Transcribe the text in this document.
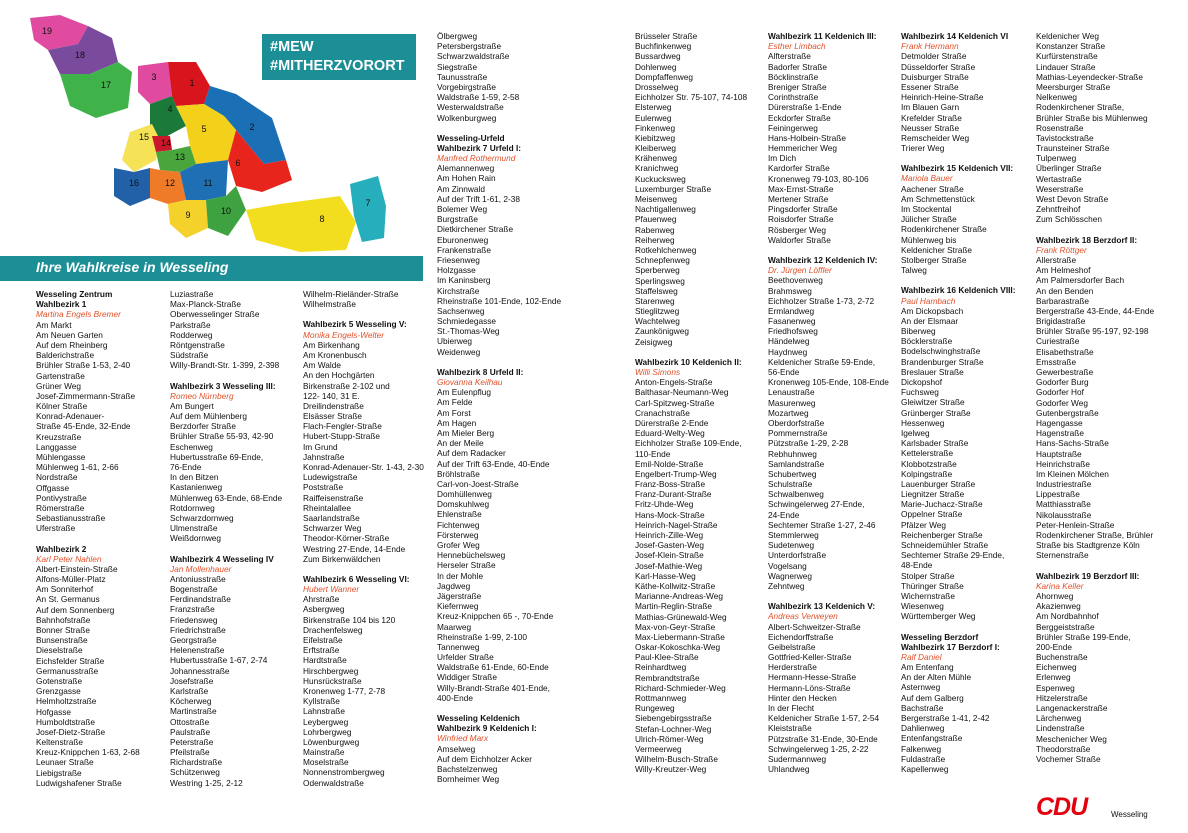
19
18
17
3
1
4
2
5
14
15
6
13
16	12	11
9	10
8
7
#MEW
#MITHERZVORORT
Ihre Wahlkreise in Wesseling
Wesseling Zentrum
Wahlbezirk 1
Martina Engels Bremer
Am Markt
Am Neuen Garten
Auf dem Rheinberg
Balderichstraße
Brühler Straße 1-53, 2-40
Gartenstraße
Grüner Weg
Josef-Zimmermann-Straße
Kölner Straße
Konrad-Adenauer-
Straße 45-Ende, 32-Ende
Kreuzstraße
Langgasse
Mühlengasse
Mühlenweg 1-61, 2-66
Nordstraße
Offgasse
Pontivystraße
Römerstraße
Sebastianusstraße
Uferstraße
Wahlbezirk 2
Karl Peter Nahlen
Albert-Einstein-Straße
Alfons-Müller-Platz
Am Sonniterhof
An St. Germanus
Auf dem Sonnenberg
Bahnhofstraße
Bonner Straße
Bunsenstraße
Dieselstraße
Eichsfelder Straße
Germanusstraße
Gotenstraße
Grenzgasse
Helmholtzstraße
Hofgasse
Humboldtstraße
Josef-Dietz-Straße
Keltenstraße
Kreuz-Knippchen 1-63, 2-68
Leunaer Straße
Liebigstraße
Ludwigshafener Straße
Luziastraße
Max-Planck-Straße
Oberwesselinger Straße
Parkstraße
Rodderweg
Röntgenstraße
Südstraße
Willy-Brandt-Str. 1-399, 2-398
Wahlbezirk 3 Wesseling III:
Romeo Nürnberg
Am Bungert
Auf dem Mühlenberg
Berzdorfer Straße
Brühler Straße 55-93, 42-90
Eschenweg
Hubertusstraße 69-Ende,
76-Ende
In den Bitzen
Kastanienweg
Mühlenweg 63-Ende, 68-Ende
Rotdornweg
Schwarzdornweg
Ulmenstraße
Weißdornweg
Wahlbezirk 4 Wesseling IV
Jan Mollenhauer
Antoniusstraße
Bogenstraße
Ferdinandstraße
Franzstraße
Friedensweg
Friedrichstraße
Georgstraße
Helenenstraße
Hubertusstraße 1-67, 2-74
Johannesstraße
Josefstraße
Karlstraße
Köcherweg
Martinstraße
Ottostraße
Paulstraße
Peterstraße
Pfeilstraße
Richardstraße
Schützenweg
Westring 1-25, 2-12
Wilhelm-Rieländer-Straße
Wilhelmstraße
Wahlbezirk 5 Wesseling V:
Monika Engels-Welter
Am Birkenhang
Am Kronenbusch
Am Walde
An den Hochgärten
Birkenstraße 2-102 und
122- 140, 31 E.
Dreilindenstraße
Elsässer Straße
Flach-Fengler-Straße
Hubert-Stupp-Straße
Im Grund
Jahnstraße
Konrad-Adenauer-Str. 1-43, 2-30
Ludewigstraße
Poststraße
Raiffeisenstraße
Rheintalallee
Saarlandstraße
Schwarzer Weg
Theodor-Körner-Straße
Westring 27-Ende, 14-Ende
Zum Birkenwäldchen
Wahlbezirk 6 Wesseling VI:
Hubert Wanner
Ahrstraße
Asbergweg
Birkenstraße 104 bis 120
Drachenfelsweg
Eifelstraße
Erftstraße
Hardtstraße
Hirschbergweg
Hunsrückstraße
Kronenweg 1-77, 2-78
Kyllstraße
Lahnstraße
Leybergweg
Lohrbergweg
Löwenburgweg
Mainstraße
Moselstraße
Nonnenstrombergweg
Odenwaldstraße
Ölbergweg
Petersbergstraße
Schwarzwaldstraße
Siegstraße
Taunusstraße
Vorgebirgstraße
Waldstraße 1-59, 2-58
Westerwaldstraße
Wolkenburgweg
Wesseling-Urfeld
Wahlbezirk 7 Urfeld I:
Manfred Rothermund
Alemannenweg
Am Hohen Rain
Am Zinnwald
Auf der Trift 1-61, 2-38
Bolemer Weg
Burgstraße
Dietkirchener Straße
Eburonenweg
Frankenstraße
Friesenweg
Holzgasse
Im Kaninsberg
Kirchstraße
Rheinstraße 101-Ende, 102-Ende
Sachsenweg
Schmiedegasse
St.-Thomas-Weg
Ubierweg
Weidenweg
Wahlbezirk 8 Urfeld II:
Giovanna Keilhau
Am Eulenpflug
Am Felde
Am Forst
Am Hagen
Am Mieler Berg
An der Meile
Auf dem Radacker
Auf der Trift 63-Ende, 40-Ende
Bröhlstraße
Carl-von-Joest-Straße
Domhüllenweg
Domskuhlweg
Ehlenstraße
Fichtenweg
Försterweg
Grofer Weg
Hennebüchelsweg
Herseler Straße
In der Mohle
Jagdweg
Jägerstraße
Kiefernweg
Kreuz-Knippchen 65 -, 70-Ende
Maarweg
Rheinstraße 1-99, 2-100
Tannenweg
Urfelder Straße
Waldstraße 61-Ende, 60-Ende
Widdiger Straße
Willy-Brandt-Straße 401-Ende,
400-Ende
Wesseling Keldenich
Wahlbezirk 9 Keldenich I:
Winfried Marx
Amselweg
Auf dem Eichholzer Acker
Bachstelzenweg
Bornheimer Weg
Brüsseler Straße
Buchfinkenweg
Bussardweg
Dohlenweg
Dompfaffenweg
Drosselweg
Eichholzer Str. 75-107, 74-108
Elsterweg
Eulenweg
Finkenweg
Kiebitzweg
Kleiberweg
Krähenweg
Kranichweg
Kuckucksweg
Luxemburger Straße
Meisenweg
Nachtigallenweg
Pfauenweg
Rabenweg
Reiherweg
Rotkehlchenweg
Schnepfenweg
Sperberweg
Sperlingsweg
Staffelsweg
Starenweg
Stieglitzweg
Wachtelweg
Zaunkönigweg
Zeisigweg
Wahlbezirk 10 Keldenich II:
Willi Simons
Anton-Engels-Straße
Balthasar-Neumann-Weg
Carl-Spitzweg-Straße
Cranachstraße
Dürerstraße 2-Ende
Eduard-Welty-Weg
Eichholzer Straße 109-Ende,
110-Ende
Emil-Nolde-Straße
Engelbert-Trump-Weg
Franz-Boss-Straße
Franz-Durant-Straße
Fritz-Uhde-Weg
Hans-Mock-Straße
Heinrich-Nagel-Straße
Heinrich-Zille-Weg
Josef-Gasten-Weg
Josef-Klein-Straße
Josef-Mathie-Weg
Karl-Hasse-Weg
Käthe-Kollwitz-Straße
Marianne-Andreas-Weg
Martin-Reglin-Straße
Mathias-Grünewald-Weg
Max-von-Geyr-Straße
Max-Liebermann-Straße
Oskar-Kokoschka-Weg
Paul-Klee-Straße
Reinhardtweg
Rembrandtstraße
Richard-Schmieder-Weg
Rottmannweg
Rungeweg
Siebengebirgsstraße
Stefan-Lochner-Weg
Ulrich-Römer-Weg
Vermeerweg
Wilhelm-Busch-Straße
Willy-Kreutzer-Weg
Wahlbezirk 11 Keldenich III:
Esther Limbach
Alfterstraße
Badorfer Straße
Böcklinstraße
Breniger Straße
Corinthstraße
Dürerstraße 1-Ende
Eckdorfer Straße
Feiningerweg
Hans-Holbein-Straße
Hemmericher Weg
Im Dich
Kardorfer Straße
Kronenweg 79-103, 80-106
Max-Ernst-Straße
Mertener Straße
Pingsdorfer Straße
Roisdorfer Straße
Rösberger Weg
Waldorfer Straße
Wahlbezirk 12 Keldenich IV:
Dr. Jürgen Löffler
Beethovenweg
Brahmsweg
Eichholzer Straße 1-73, 2-72
Ermlandweg
Fasanenweg
Friedhofsweg
Händelweg
Haydnweg
Keldenicher Straße 59-Ende,
56-Ende
Kronenweg 105-Ende, 108-Ende
Lenaustraße
Masurenweg
Mozartweg
Oberdorfstraße
Pommernstraße
Pützstraße 1-29, 2-28
Rebhuhnweg
Samlandstraße
Schubertweg
Schulstraße
Schwalbenweg
Schwingelerweg 27-Ende,
24-Ende
Sechtemer Straße 1-27, 2-46
Stemmlerweg
Sudetenweg
Unterdorfstraße
Vogelsang
Wagnerweg
Zehntweg
Wahlbezirk 13 Keldenich V:
Andreas Verweyen
Albert-Schweitzer-Straße
Eichendorffstraße
Geibelstraße
Gottfried-Keller-Straße
Herderstraße
Hermann-Hesse-Straße
Hermann-Löns-Straße
Hinter den Hecken
In der Flecht
Keldenicher Straße 1-57, 2-54
Kleiststraße
Pützstraße 31-Ende, 30-Ende
Schwingelerweg 1-25, 2-22
Sudermannweg
Uhlandweg
Wahlbezirk 14 Keldenich VI
Frank Hermann
Detmolder Straße
Düsseldorfer Straße
Duisburger Straße
Essener Straße
Heinrich-Heine-Straße
Im Blauen Garn
Krefelder Straße
Neusser Straße
Remscheider Weg
Trierer Weg
Wahlbezirk 15 Keldenich VII:
Mariola Bauer
Aachener Straße
Am Schmettenstück
Im Stockental
Jülicher Straße
Rodenkirchener Straße
Mühlenweg bis
Keldenicher Straße
Stolberger Straße
Talweg
Wahlbezirk 16 Keldenich VIII:
Paul Hambach
Am Dickopsbach
An der Elsmaar
Biberweg
Böcklerstraße
Bodelschwinghstraße
Brandenburger Straße
Breslauer Straße
Dickopshof
Fuchsweg
Gleiwitzer Straße
Grünberger Straße
Hessenweg
Igelweg
Karlsbader Straße
Kettelerstraße
Klobbotzstraße
Kolpingstraße
Lauenburger Straße
Liegnitzer Straße
Marie-Juchacz-Straße
Oppelner Straße
Pfälzer Weg
Reichenberger Straße
Schneidemühler Straße
Sechtemer Straße 29-Ende,
48-Ende
Stolper Straße
Thüringer Straße
Wichernstraße
Wiesenweg
Württemberger Weg
Wesseling Berzdorf
Wahlbezirk 17 Berzdorf I:
Ralf Daniel
Am Entenfang
An der Alten Mühle
Asternweg
Auf dem Galberg
Bachstraße
Bergerstraße 1-41, 2-42
Dahlienweg
Entenfangstraße
Falkenweg
Fuldastraße
Kapellenweg
Keldenicher Weg
Konstanzer Straße
Kurfürstenstraße
Lindauer Straße
Mathias-Leyendecker-Straße
Meersburger Straße
Nelkenweg
Rodenkirchener Straße,
Brühler Straße bis Mühlenweg
Rosenstraße
Tavistockstraße
Traunsteiner Straße
Tulpenweg
Überlinger Straße
Wertastraße
Weserstraße
West Devon Straße
Zehntfreihof
Zum Schlösschen
Wahlbezirk 18 Berzdorf II:
Frank Röttger
Allerstraße
Am Helmeshof
Am Palmersdorfer Bach
An den Benden
Barbarastraße
Bergerstraße 43-Ende, 44-Ende
Brigidastraße
Brühler Straße 95-197, 92-198
Curiestraße
Elisabethstraße
Emsstraße
Gewerbestraße
Godorfer Burg
Godorfer Hof
Godorfer Weg
Gutenbergstraße
Hagengasse
Hagenstraße
Hans-Sachs-Straße
Hauptstraße
Heinrichstraße
Im Kleinen Mölchen
Industriestraße
Lippestraße
Matthiasstraße
Nikolausstraße
Peter-Henlein-Straße
Rodenkirchener Straße, Brühler
Straße bis Stadtgrenze Köln
Sternenstraße
Wahlbezirk 19 Berzdorf III:
Karina Keller
Ahornweg
Akazienweg
Am Nordbahnhof
Berggeiststraße
Brühler Straße 199-Ende,
200-Ende
Buchenstraße
Eichenweg
Erlenweg
Espenweg
Hitzelerstraße
Langenackerstraße
Lärchenweg
Lindenstraße
Meschenicher Weg
Theodorstraße
Vochemer Straße
CDU	Wesseling
